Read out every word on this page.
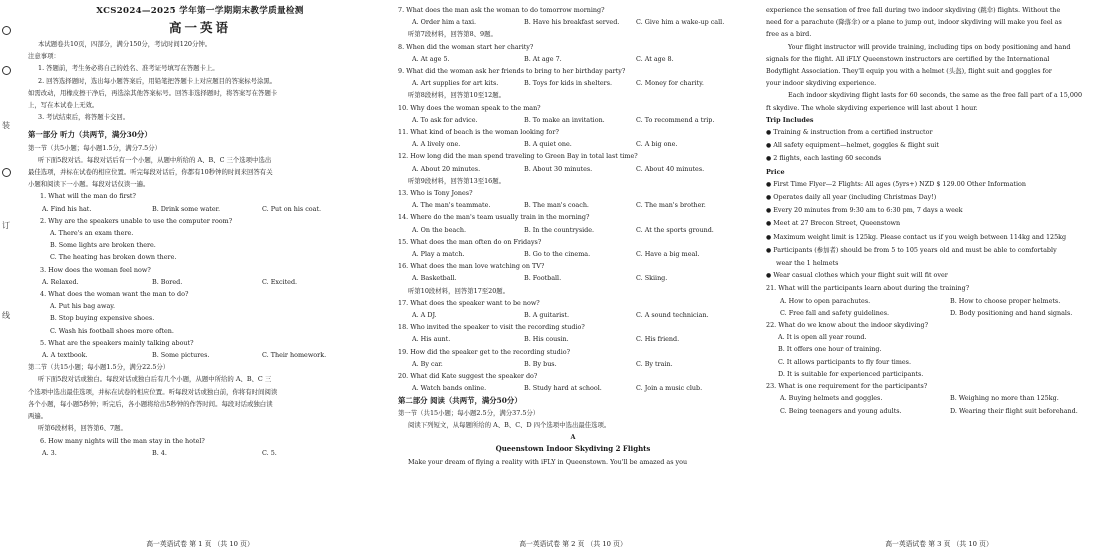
装
订
线
XCS2024—2025 学年第一学期期末教学质量检测
高一英语
本试题卷共10页，四部分，满分150分，考试时间120分钟。
注意事项：
1. 答题前，考生务必将自己的姓名、准考证号填写在答题卡上。
2. 回答选择题时，选出每小题答案后，用铅笔把答题卡上对应题目的答案标号涂黑。
如需改动，用橡皮擦干净后，再选涂其他答案标号。回答非选择题时，将答案写在答题卡
上，写在本试卷上无效。
3. 考试结束后，将答题卡交回。
第一部分 听力（共两节，满分30分）
第一节（共5小题；每小题1.5分，满分7.5分）
听下面5段对话。每段对话后有一个小题，从题中所给的 A、B、C 三个选项中选出
最佳选项，并标在试卷的相应位置。听完每段对话后，你都有10秒钟的时间来回答有关
小题和阅读下一小题。每段对话仅读一遍。
1. What will the man do first?
A. Find his hat.	B. Drink some water.	C. Put on his coat.
2. Why are the speakers unable to use the computer room?
A. There's an exam there.
B. Some lights are broken there.
C. The heating has broken down there.
3. How does the woman feel now?
A. Relaxed.	B. Bored.	C. Excited.
4. What does the woman want the man to do?
A. Put his bag away.
B. Stop buying expensive shoes.
C. Wash his football shoes more often.
5. What are the speakers mainly talking about?
A. A textbook.	B. Some pictures.	C. Their homework.
第二节（共15小题；每小题1.5分，满分22.5分）
听下面5段对话或独白。每段对话或独白后有几个小题，从题中所给的 A、B、C 三
个选项中选出最佳选项，并标在试卷的相应位置。听每段对话或独白前，你将有时间阅读
各个小题，每小题5秒钟；听完后，各小题将给出5秒钟的作答时间。每段对话或独白读
两遍。
听第6段材料，回答第6、7题。
6. How many nights will the man stay in the hotel?
A. 3.	B. 4.	C. 5.
高一英语试卷 第 1 页 （共 10 页）
7. What does the man ask the woman to do tomorrow morning?
A. Order him a taxi.	B. Have his breakfast served.	C. Give him a wake-up call.
听第7段材料，回答第8、9题。
8. When did the woman start her charity?
A. At age 5.	B. At age 7.	C. At age 8.
9. What did the woman ask her friends to bring to her birthday party?
A. Art supplies for art kits.	B. Toys for kids in shelters.	C. Money for charity.
听第8段材料，回答第10至12题。
10. Why does the woman speak to the man?
A. To ask for advice.	B. To make an invitation.	C. To recommend a trip.
11. What kind of beach is the woman looking for?
A. A lively one.	B. A quiet one.	C. A big one.
12. How long did the man spend traveling to Green Bay in total last time?
A. About 20 minutes.	B. About 30 minutes.	C. About 40 minutes.
听第9段材料，回答第13至16题。
13. Who is Tony Jones?
A. The man's teammate.	B. The man's coach.	C. The man's brother.
14. Where do the man's team usually train in the morning?
A. On the beach.	B. In the countryside.	C. At the sports ground.
15. What does the man often do on Fridays?
A. Play a match.	B. Go to the cinema.	C. Have a big meal.
16. What does the man love watching on TV?
A. Basketball.	B. Football.	C. Skiing.
听第10段材料，回答第17至20题。
17. What does the speaker want to be now?
A. A DJ.	B. A guitarist.	C. A sound technician.
18. Who invited the speaker to visit the recording studio?
A. His aunt.	B. His cousin.	C. His friend.
19. How did the speaker get to the recording studio?
A. By car.	B. By bus.	C. By train.
20. What did Kate suggest the speaker do?
A. Watch bands online.	B. Study hard at school.	C. Join a music club.
第二部分 阅读（共两节，满分50分）
第一节（共15小题；每小题2.5分，满分37.5分）
阅读下列短文，从每题所给的 A、B、C、D 四个选项中选出最佳选项。
A
Queenstown Indoor Skydiving 2 Flights
Make your dream of flying a reality with iFLY in Queenstown. You'll be amazed as you
高一英语试卷 第 2 页 （共 10 页）
experience the sensation of free fall during two indoor skydiving (跳伞) flights. Without the
need for a parachute (降落伞) or a plane to jump out, indoor skydiving will make you feel as
free as a bird.
Your flight instructor will provide training, including tips on body positioning and hand
signals for the flight. All iFLY Queenstown instructors are certified by the International
Bodyflight Association. They'll equip you with a helmet (头盔), flight suit and goggles for
your indoor skydiving experience.
Each indoor skydiving flight lasts for 60 seconds, the same as the free fall part of a 15,000
ft skydive. The whole skydiving experience will last about 1 hour.
Trip Includes
● Training & instruction from a certified instructor
● All safety equipment—helmet, goggles & flight suit
● 2 flights, each lasting 60 seconds
Price
● First Time Flyer—2 Flights: All ages (5yrs+) NZD $ 129.00 Other Information
● Operates daily all year (including Christmas Day!)
● Every 20 minutes from 9:30 am to 6:30 pm, 7 days a week
● Meet at 27 Brecon Street, Queenstown
● Maximum weight limit is 125kg. Please contact us if you weigh between 114kg and 125kg
● Participants (参加者) should be from 5 to 105 years old and must be able to comfortably
wear the 1 helmets
● Wear casual clothes which your flight suit will fit over
21. What will the participants learn about during the training?
A. How to open parachutes.	B. How to choose proper helmets.
C. Free fall and safety guidelines.	D. Body positioning and hand signals.
22. What do we know about the indoor skydiving?
A. It is open all year round.
B. It offers one hour of training.
C. It allows participants to fly four times.
D. It is suitable for experienced participants.
23. What is one requirement for the participants?
A. Buying helmets and goggles.	B. Weighing no more than 125kg.
C. Being teenagers and young adults.	D. Wearing their flight suit beforehand.
高一英语试卷 第 3 页 （共 10 页）
